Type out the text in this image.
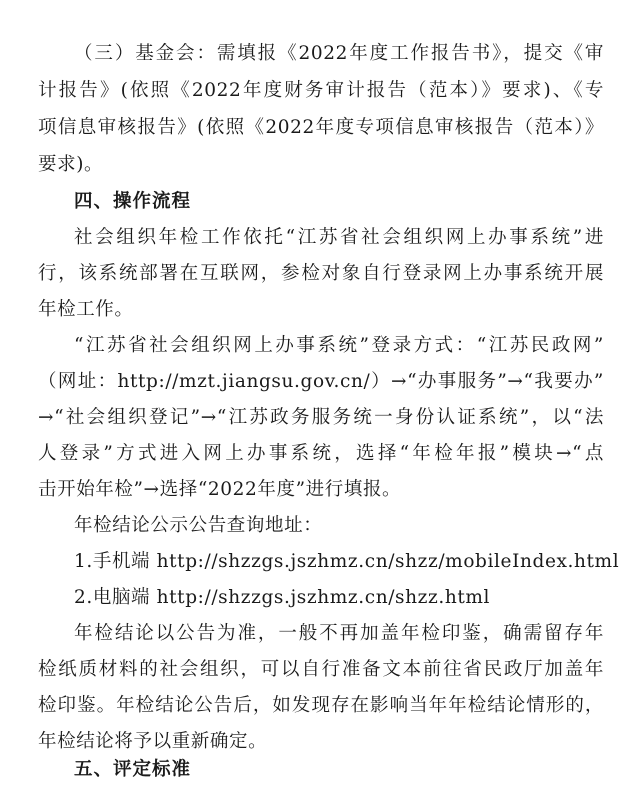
（三）基金会：需填报《2022年度工作报告书》，提交《审
计报告》(依照《2022年度财务审计报告（范本）》要求)、《专
项信息审核报告》(依照《2022年度专项信息审核报告（范本）》
要求)。
四、操作流程
社会组织年检工作依托“江苏省社会组织网上办事系统”进
行，该系统部署在互联网，参检对象自行登录网上办事系统开展
年检工作。
“江苏省社会组织网上办事系统”登录方式：“江苏民政网”
（网址：http://mzt.jiangsu.gov.cn/）→“办事服务”→“我要办”
→“社会组织登记”→“江苏政务服务统一身份认证系统”，以“法
人登录”方式进入网上办事系统，选择“年检年报”模块→“点
击开始年检”→选择“2022年度”进行填报。
年检结论公示公告查询地址：
1.手机端 http://shzzgs.jszhmz.cn/shzz/mobileIndex.html
2.电脑端 http://shzzgs.jszhmz.cn/shzz.html
年检结论以公告为准，一般不再加盖年检印鉴，确需留存年
检纸质材料的社会组织，可以自行准备文本前往省民政厅加盖年
检印鉴。年检结论公告后，如发现存在影响当年年检结论情形的，
年检结论将予以重新确定。
五、评定标准
